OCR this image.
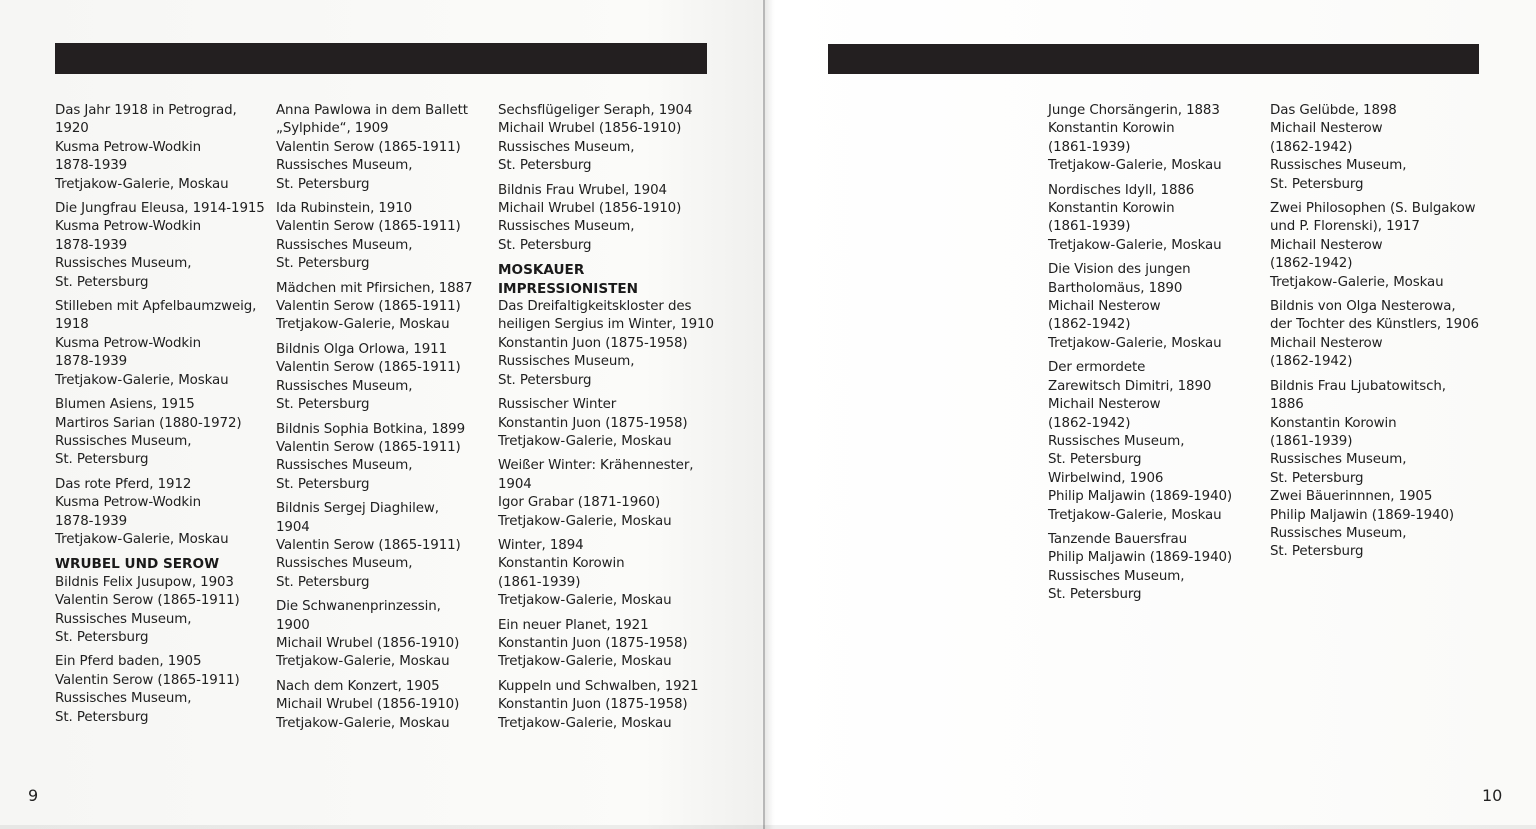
Das Jahr 1918 in Petrograd,
1920
Kusma Petrow-Wodkin
1878-1939
Tretjakow-Galerie, Moskau
Die Jungfrau Eleusa, 1914-1915
Kusma Petrow-Wodkin
1878-1939
Russisches Museum,
St. Petersburg
Stilleben mit Apfelbaumzweig,
1918
Kusma Petrow-Wodkin
1878-1939
Tretjakow-Galerie, Moskau
Blumen Asiens, 1915
Martiros Sarian (1880-1972)
Russisches Museum,
St. Petersburg
Das rote Pferd, 1912
Kusma Petrow-Wodkin
1878-1939
Tretjakow-Galerie, Moskau
WRUBEL UND SEROW
Bildnis Felix Jusupow, 1903
Valentin Serow (1865-1911)
Russisches Museum,
St. Petersburg
Ein Pferd baden, 1905
Valentin Serow (1865-1911)
Russisches Museum,
St. Petersburg
Anna Pawlowa in dem Ballett
„Sylphide“, 1909
Valentin Serow (1865-1911)
Russisches Museum,
St. Petersburg
Ida Rubinstein, 1910
Valentin Serow (1865-1911)
Russisches Museum,
St. Petersburg
Mädchen mit Pfirsichen, 1887
Valentin Serow (1865-1911)
Tretjakow-Galerie, Moskau
Bildnis Olga Orlowa, 1911
Valentin Serow (1865-1911)
Russisches Museum,
St. Petersburg
Bildnis Sophia Botkina, 1899
Valentin Serow (1865-1911)
Russisches Museum,
St. Petersburg
Bildnis Sergej Diaghilew,
1904
Valentin Serow (1865-1911)
Russisches Museum,
St. Petersburg
Die Schwanenprinzessin,
1900
Michail Wrubel (1856-1910)
Tretjakow-Galerie, Moskau
Nach dem Konzert, 1905
Michail Wrubel (1856-1910)
Tretjakow-Galerie, Moskau
Sechsflügeliger Seraph, 1904
Michail Wrubel (1856-1910)
Russisches Museum,
St. Petersburg
Bildnis Frau Wrubel, 1904
Michail Wrubel (1856-1910)
Russisches Museum,
St. Petersburg
MOSKAUER
IMPRESSIONISTEN
Das Dreifaltigkeitskloster des
heiligen Sergius im Winter, 1910
Konstantin Juon (1875-1958)
Russisches Museum,
St. Petersburg
Russischer Winter
Konstantin Juon (1875-1958)
Tretjakow-Galerie, Moskau
Weißer Winter: Krähennester,
1904
Igor Grabar (1871-1960)
Tretjakow-Galerie, Moskau
Winter, 1894
Konstantin Korowin
(1861-1939)
Tretjakow-Galerie, Moskau
Ein neuer Planet, 1921
Konstantin Juon (1875-1958)
Tretjakow-Galerie, Moskau
Kuppeln und Schwalben, 1921
Konstantin Juon (1875-1958)
Tretjakow-Galerie, Moskau
Junge Chorsängerin, 1883
Konstantin Korowin
(1861-1939)
Tretjakow-Galerie, Moskau
Nordisches Idyll, 1886
Konstantin Korowin
(1861-1939)
Tretjakow-Galerie, Moskau
Die Vision des jungen
Bartholomäus, 1890
Michail Nesterow
(1862-1942)
Tretjakow-Galerie, Moskau
Der ermordete
Zarewitsch Dimitri, 1890
Michail Nesterow
(1862-1942)
Russisches Museum,
St. Petersburg
Wirbelwind, 1906
Philip Maljawin (1869-1940)
Tretjakow-Galerie, Moskau
Tanzende Bauersfrau
Philip Maljawin (1869-1940)
Russisches Museum,
St. Petersburg
Das Gelübde, 1898
Michail Nesterow
(1862-1942)
Russisches Museum,
St. Petersburg
Zwei Philosophen (S. Bulgakow
und P. Florenski), 1917
Michail Nesterow
(1862-1942)
Tretjakow-Galerie, Moskau
Bildnis von Olga Nesterowa,
der Tochter des Künstlers, 1906
Michail Nesterow
(1862-1942)
Bildnis Frau Ljubatowitsch,
1886
Konstantin Korowin
(1861-1939)
Russisches Museum,
St. Petersburg
Zwei Bäuerinnnen, 1905
Philip Maljawin (1869-1940)
Russisches Museum,
St. Petersburg
9	10
